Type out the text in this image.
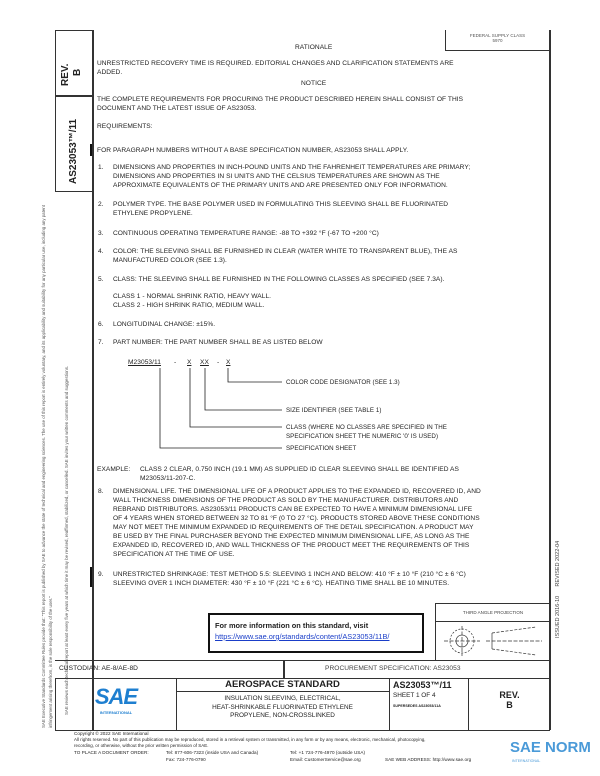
REV.
B
AS23053™/11
SAE Executive Standards Committee Rules provide that: "This report is published by SAE to advance the state of technical and engineering sciences. The use of this report is entirely voluntary, and its applicability and suitability for any particular use, including any patent infringement arising therefrom, is the sole responsibility of the user."	SAE reviews each technical report at least every five years at which time it may be revised, reaffirmed, stabilized, or cancelled. SAE invites your written comments and suggestions.	ISSUED 2016-10      REVISED 2022-04
FEDERAL SUPPLY CLASS
5970
RATIONALE
UNRESTRICTED RECOVERY TIME IS REQUIRED. EDITORIAL CHANGES AND CLARIFICATION STATEMENTS ARE
ADDED.
NOTICE
THE COMPLETE REQUIREMENTS FOR PROCURING THE PRODUCT DESCRIBED HEREIN SHALL CONSIST OF THIS
DOCUMENT AND THE LATEST ISSUE OF AS23053.
REQUIREMENTS:
FOR PARAGRAPH NUMBERS WITHOUT A BASE SPECIFICATION NUMBER, AS23053 SHALL APPLY.
1. DIMENSIONS AND PROPERTIES IN INCH-POUND UNITS AND THE FAHRENHEIT TEMPERATURES ARE PRIMARY;
DIMENSIONS AND PROPERTIES IN SI UNITS AND THE CELSIUS TEMPERATURES ARE SHOWN AS THE
APPROXIMATE EQUIVALENTS OF THE PRIMARY UNITS AND ARE PRESENTED ONLY FOR INFORMATION.
2. POLYMER TYPE. THE BASE POLYMER USED IN FORMULATING THIS SLEEVING SHALL BE FLUORINATED
ETHYLENE PROPYLENE.
3. CONTINUOUS OPERATING TEMPERATURE RANGE: -88 TO +392 °F (-67 TO +200 °C)
4. COLOR: THE SLEEVING SHALL BE FURNISHED IN CLEAR (WATER WHITE TO TRANSPARENT BLUE), THE AS
MANUFACTURED COLOR (SEE 1.3).
5. CLASS: THE SLEEVING SHALL BE FURNISHED IN THE FOLLOWING CLASSES AS SPECIFIED (SEE 7.3A).
CLASS 1 - NORMAL SHRINK RATIO, HEAVY WALL.
CLASS 2 - HIGH SHRINK RATIO, MEDIUM WALL.
6. LONGITUDINAL CHANGE: ±15%.
7. PART NUMBER: THE PART NUMBER SHALL BE AS LISTED BELOW
M23053/11 - X XX - X
COLOR CODE DESIGNATOR (SEE 1.3)
SIZE IDENTIFIER (SEE TABLE 1)
CLASS (WHERE NO CLASSES ARE SPECIFIED IN THE
SPECIFICATION SHEET THE NUMERIC '0' IS USED)
SPECIFICATION SHEET
EXAMPLE: CLASS 2 CLEAR, 0.750 INCH (19.1 MM) AS SUPPLIED ID CLEAR SLEEVING SHALL BE IDENTIFIED AS
M23053/11-207-C.
8. DIMENSIONAL LIFE. THE DIMENSIONAL LIFE OF A PRODUCT APPLIES TO THE EXPANDED ID, RECOVERED ID, AND
WALL THICKNESS DIMENSIONS OF THE PRODUCT AS SOLD BY THE MANUFACTURER. DISTRIBUTORS AND
REBRAND DISTRIBUTORS. AS23053/11 PRODUCTS CAN BE EXPECTED TO HAVE A MINIMUM DIMENSIONAL LIFE
OF 4 YEARS WHEN STORED BETWEEN 32 TO 81 °F (0 TO 27 °C). PRODUCTS STORED ABOVE THESE CONDITIONS
MAY NOT MEET THE MINIMUM EXPANDED ID REQUIREMENTS OF THE DETAIL SPECIFICATION. A PRODUCT MAY
BE USED BY THE FINAL PURCHASER BEYOND THE EXPECTED MINIMUM DIMENSIONAL LIFE, AS LONG AS THE
EXPANDED ID, RECOVERED ID, AND WALL THICKNESS OF THE PRODUCT MEET THE REQUIREMENTS OF THIS
SPECIFICATION AT THE TIME OF USE.
9. UNRESTRICTED SHRINKAGE: TEST METHOD 5.5: SLEEVING 1 INCH AND BELOW: 410 °F ± 10 °F (210 °C ± 6 °C)
SLEEVING OVER 1 INCH DIAMETER: 430 °F ± 10 °F (221 °C ± 6 °C). HEATING TIME SHALL BE 10 MINUTES.
For more information on this standard, visit
https://www.sae.org/standards/content/AS23053/11B/
THIRD ANGLE PROJECTION
CUSTODIAN: AE-8/AE-8D	PROCUREMENT SPECIFICATION: AS23053
SAE
INTERNATIONAL
AEROSPACE STANDARD
INSULATION SLEEVING, ELECTRICAL,
HEAT-SHRINKABLE FLUORINATED ETHYLENE
PROPYLENE, NON-CROSSLINKED
AS23053™/11
SHEET 1 OF 4
SUPERSEDES AS23053/11A
REV.
B
Copyright © 2022 SAE International
All rights reserved. No part of this publication may be reproduced, stored in a retrieval system or transmitted, in any form or by any means, electronic, mechanical, photocopying,
recording, or otherwise, without the prior written permission of SAE.
TO PLACE A DOCUMENT ORDER:	Tel: 877-606-7323 (inside USA and Canada)
Fax: 724-776-0790
Tel: +1 724-776-4970 (outside USA)
Email: CustomerService@sae.org	SAE WEB ADDRESS: http://www.sae.org
SAE NORM
INTERNATIONAL
